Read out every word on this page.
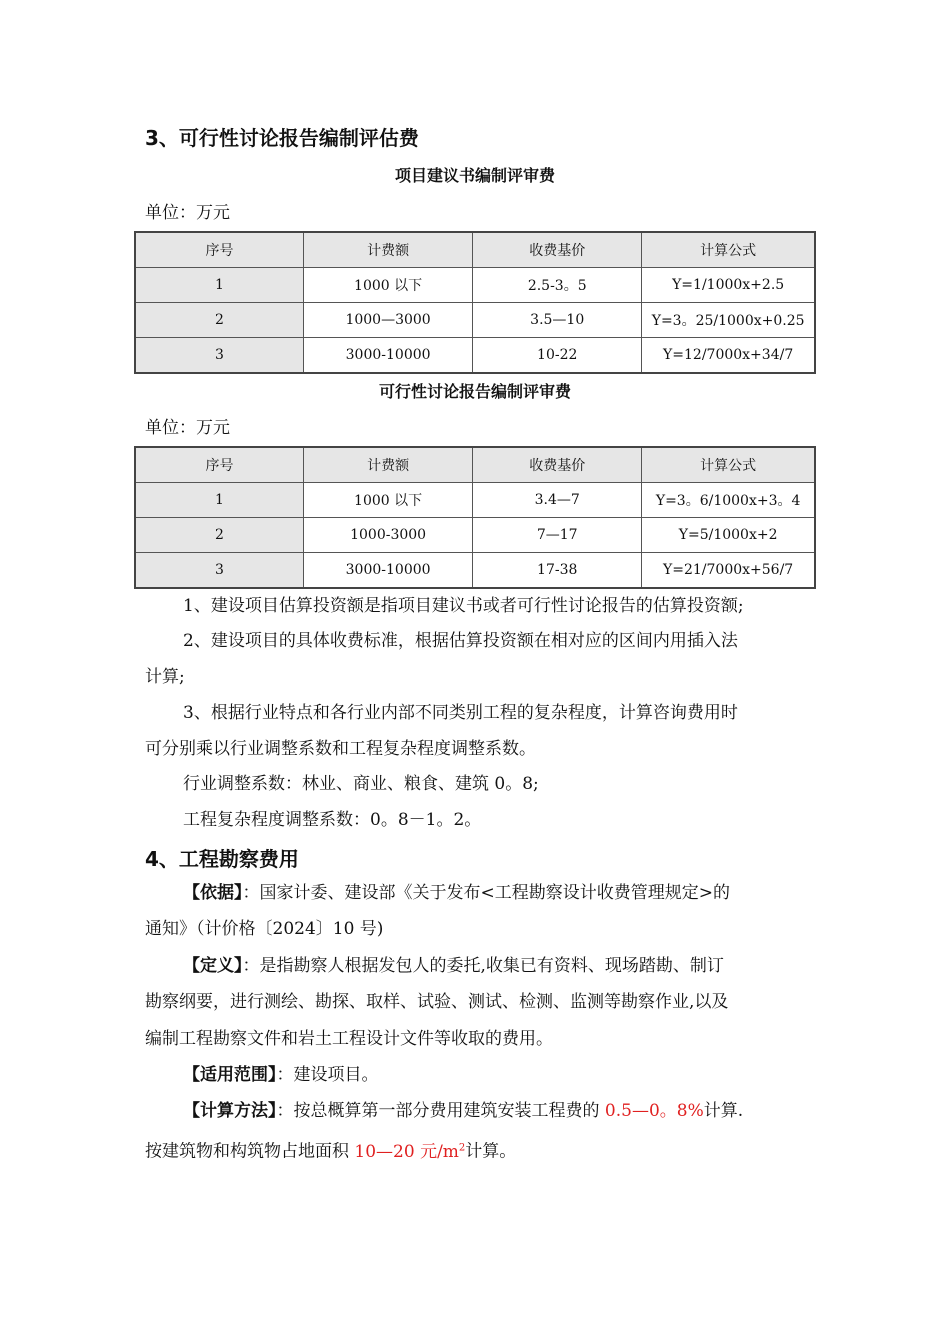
3、可行性讨论报告编制评估费
项目建议书编制评审费
单位：万元
序号	计费额	收费基价	计算公式
1	1000 以下	2.5-3。5	Y=1/1000x+2.5
2	1000—3000	3.5—10	Y=3。25/1000x+0.25
3	3000-10000	10-22	Y=12/7000x+34/7
可行性讨论报告编制评审费
单位：万元
序号	计费额	收费基价	计算公式
1	1000 以下	3.4—7	Y=3。6/1000x+3。4
2	1000-3000	7—17	Y=5/1000x+2
3	3000-10000	17-38	Y=21/7000x+56/7
1、建设项目估算投资额是指项目建议书或者可行性讨论报告的估算投资额;
2、建设项目的具体收费标准，根据估算投资额在相对应的区间内用插入法
计算;
3、根据行业特点和各行业内部不同类别工程的复杂程度，计算咨询费用时
可分别乘以行业调整系数和工程复杂程度调整系数。
行业调整系数：林业、商业、粮食、建筑 0。8;
工程复杂程度调整系数：0。8－1。2。
4、工程勘察费用
【依据】：国家计委、建设部《关于发布<工程勘察设计收费管理规定>的
通知》（计价格〔2024〕10 号)
【定义】：是指勘察人根据发包人的委托,收集已有资料、现场踏勘、制订
勘察纲要，进行测绘、勘探、取样、试验、测试、检测、监测等勘察作业,以及
编制工程勘察文件和岩土工程设计文件等收取的费用。
【适用范围】：建设项目。
【计算方法】：按总概算第一部分费用建筑安装工程费的 0.5—0。8%计算.
按建筑物和构筑物占地面积 10—20 元$/m^2$计算。
